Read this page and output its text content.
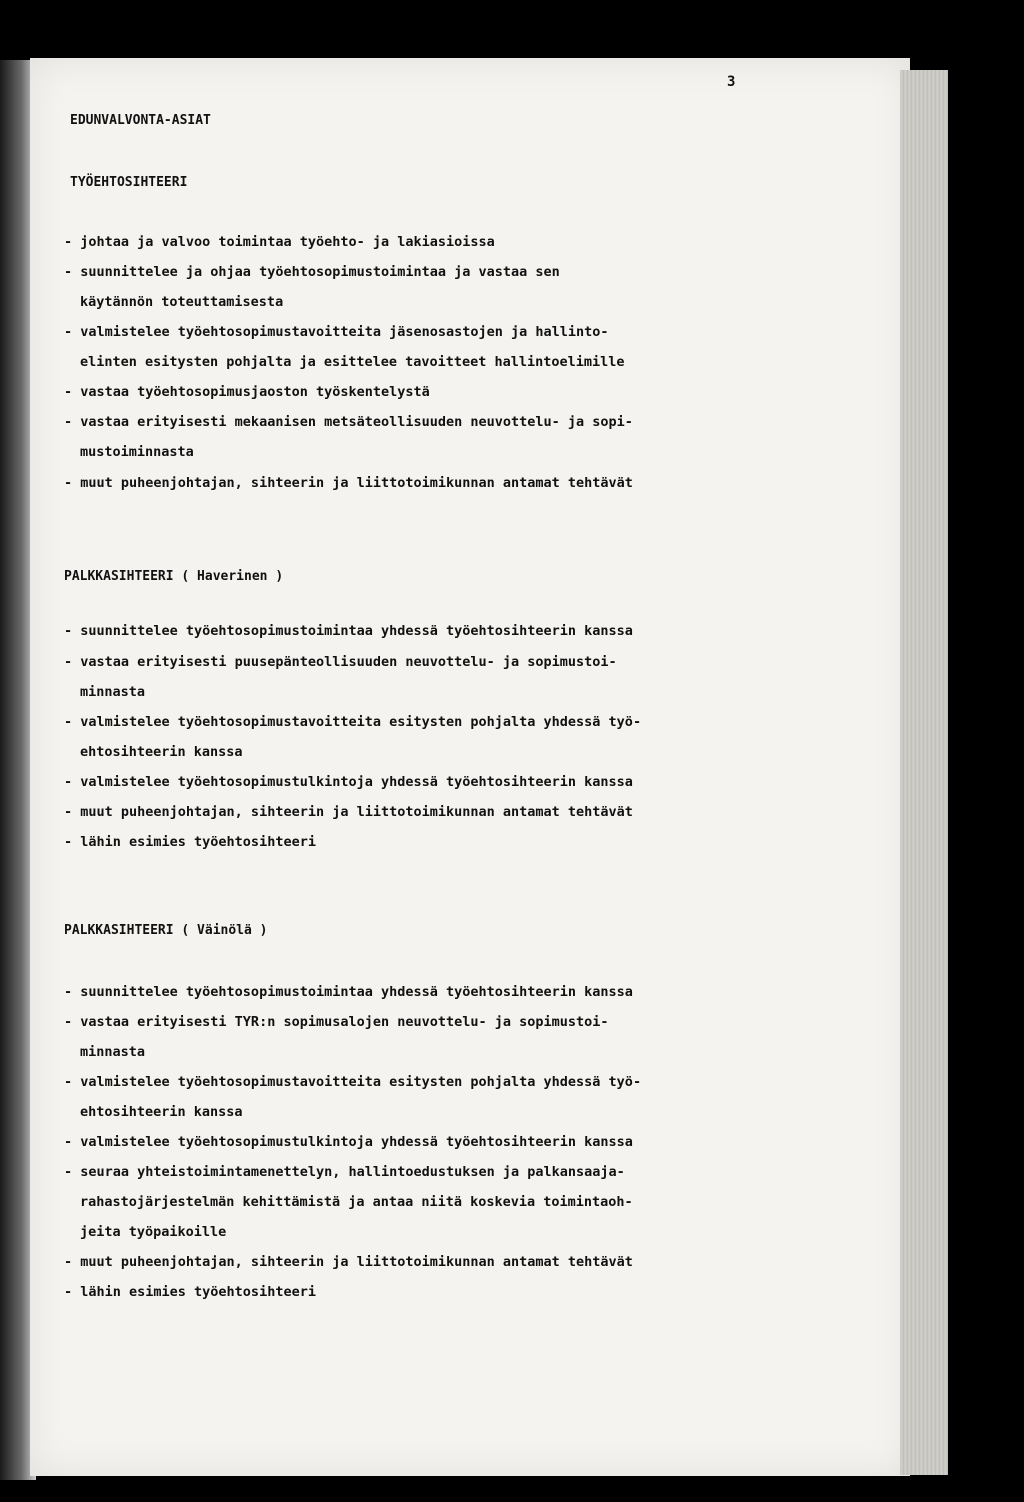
3
EDUNVALVONTA-ASIAT
TYÖEHTOSIHTEERI
- johtaa ja valvoo toimintaa työehto- ja lakiasioissa
- suunnittelee ja ohjaa työehtosopimustoimintaa ja vastaa sen
käytännön toteuttamisesta
- valmistelee työehtosopimustavoitteita jäsenosastojen ja hallinto-
elinten esitysten pohjalta ja esittelee tavoitteet hallintoelimille
- vastaa työehtosopimusjaoston työskentelystä
- vastaa erityisesti mekaanisen metsäteollisuuden neuvottelu- ja sopi-
mustoiminnasta
- muut puheenjohtajan, sihteerin ja liittotoimikunnan antamat tehtävät
PALKKASIHTEERI ( Haverinen )
- suunnittelee työehtosopimustoimintaa yhdessä työehtosihteerin kanssa
- vastaa erityisesti puusepänteollisuuden neuvottelu- ja sopimustoi-
minnasta
- valmistelee työehtosopimustavoitteita esitysten pohjalta yhdessä työ-
ehtosihteerin kanssa
- valmistelee työehtosopimustulkintoja yhdessä työehtosihteerin kanssa
- muut puheenjohtajan, sihteerin ja liittotoimikunnan antamat tehtävät
- lähin esimies työehtosihteeri
PALKKASIHTEERI ( Väinölä )
- suunnittelee työehtosopimustoimintaa yhdessä työehtosihteerin kanssa
- vastaa erityisesti TYR:n sopimusalojen neuvottelu- ja sopimustoi-
minnasta
- valmistelee työehtosopimustavoitteita esitysten pohjalta yhdessä työ-
ehtosihteerin kanssa
- valmistelee työehtosopimustulkintoja yhdessä työehtosihteerin kanssa
- seuraa yhteistoimintamenettelyn, hallintoedustuksen ja palkansaaja-
rahastojärjestelmän kehittämistä ja antaa niitä koskevia toimintaoh-
jeita työpaikoille
- muut puheenjohtajan, sihteerin ja liittotoimikunnan antamat tehtävät
- lähin esimies työehtosihteeri
